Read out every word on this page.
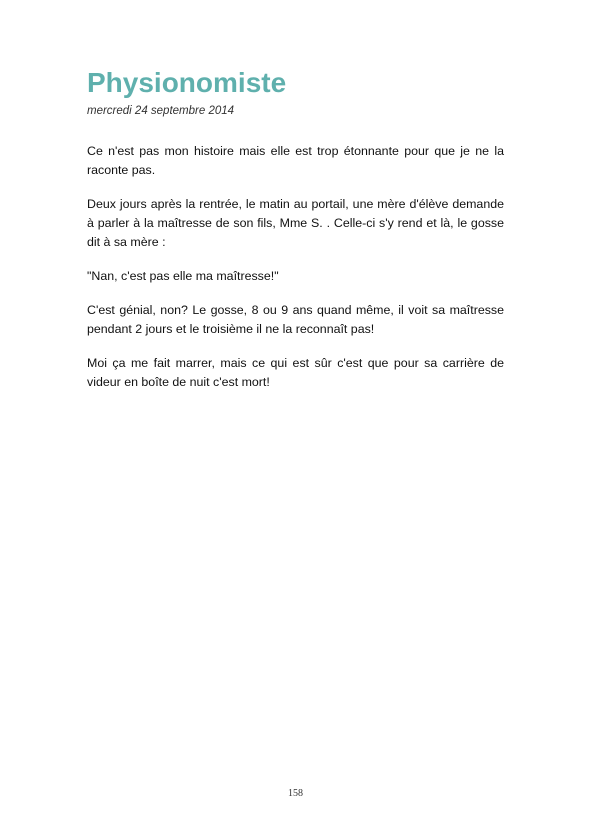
Physionomiste
mercredi 24 septembre 2014

Ce n'est pas mon histoire mais elle est trop étonnante pour que je ne la raconte pas.

Deux jours après la rentrée, le matin au portail, une mère d'élève demande à parler à la maîtresse de son fils, Mme S. . Celle-ci s'y rend et là, le gosse dit à sa mère :

"Nan, c'est pas elle ma maîtresse!"

C'est génial, non? Le gosse, 8 ou 9 ans quand même, il voit sa maîtresse pendant 2 jours et le troisième il ne la reconnaît pas!

Moi ça me fait marrer, mais ce qui est sûr c'est que pour sa carrière de videur en boîte de nuit c'est mort!

158
